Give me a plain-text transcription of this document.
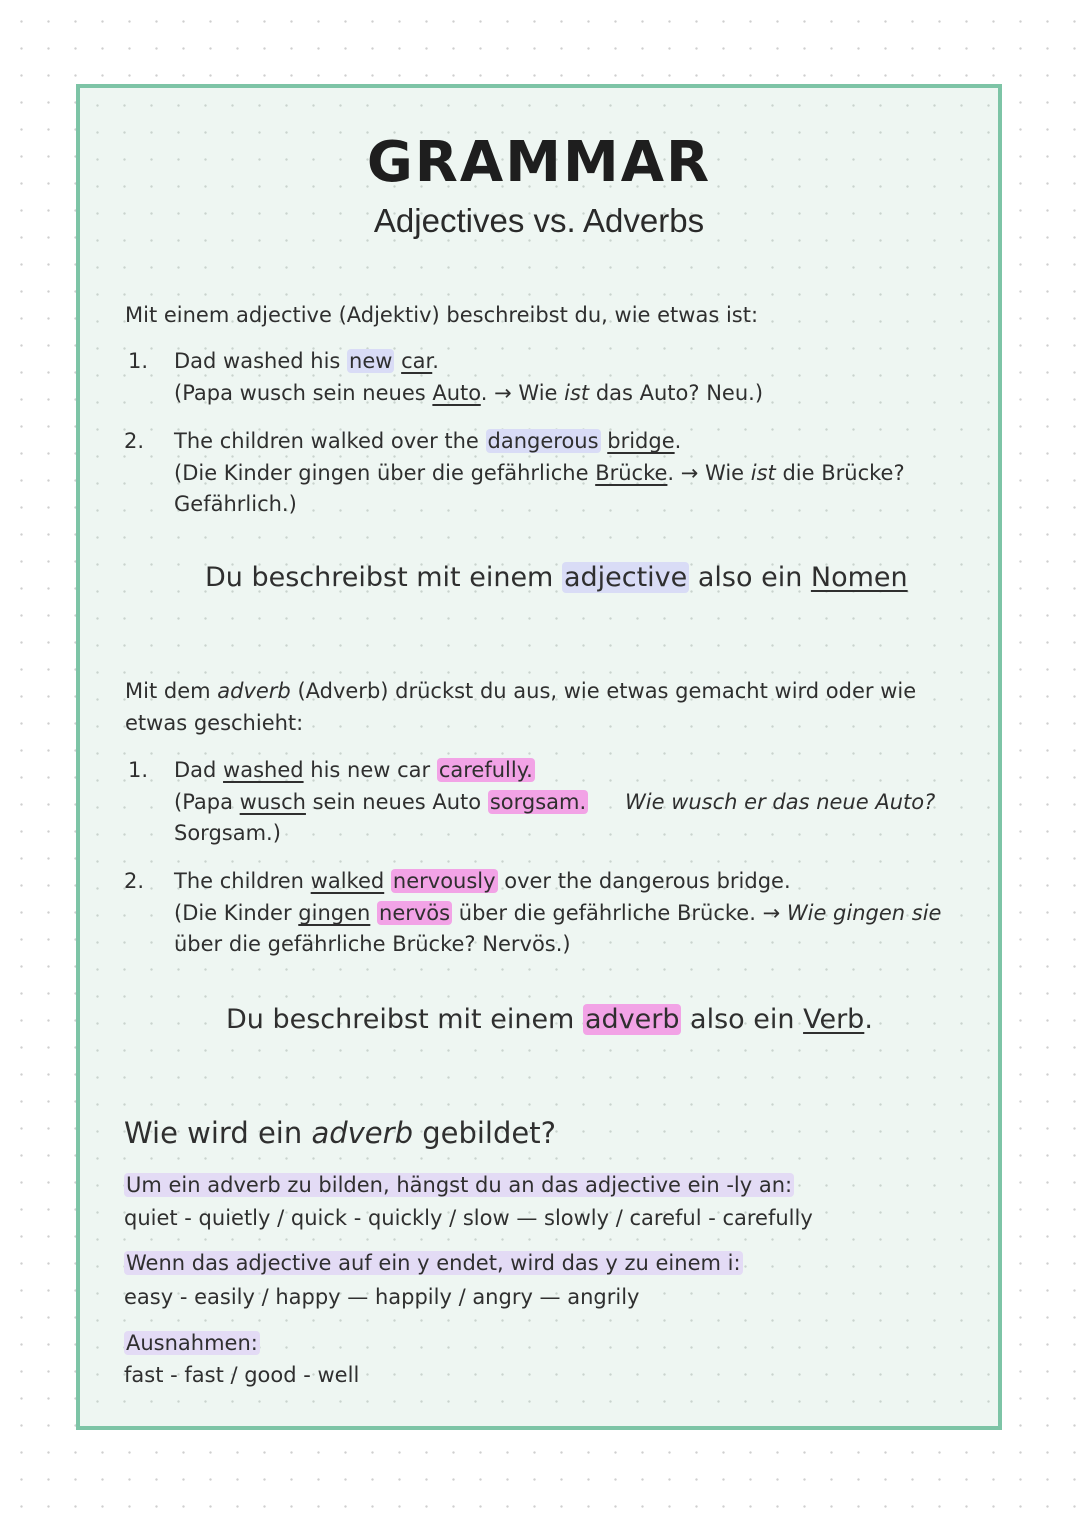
GRAMMAR
Adjectives vs. Adverbs
Mit einem adjective (Adjektiv) beschreibst du, wie etwas ist:
1. Dad washed his new car.
(Papa wusch sein neues Auto. → Wie ist das Auto? Neu.)
2. The children walked over the dangerous bridge.
(Die Kinder gingen über die gefährliche Brücke. → Wie ist die Brücke?
Gefährlich.)
Du beschreibst mit einem adjective also ein Nomen
Mit dem adverb (Adverb) drückst du aus, wie etwas gemacht wird oder wie
etwas geschieht:
1. Dad washed his new car carefully.
(Papa wusch sein neues Auto sorgsam. Wie wusch er das neue Auto?
Sorgsam.)
2. The children walked nervously over the dangerous bridge.
(Die Kinder gingen nervös über die gefährliche Brücke. → Wie gingen sie
über die gefährliche Brücke? Nervös.)
Du beschreibst mit einem adverb also ein Verb.
Wie wird ein adverb gebildet?
Um ein adverb zu bilden, hängst du an das adjective ein -ly an:
quiet - quietly / quick - quickly / slow — slowly / careful - carefully
Wenn das adjective auf ein y endet, wird das y zu einem i:
easy - easily / happy — happily / angry — angrily
Ausnahmen:
fast - fast / good - well
